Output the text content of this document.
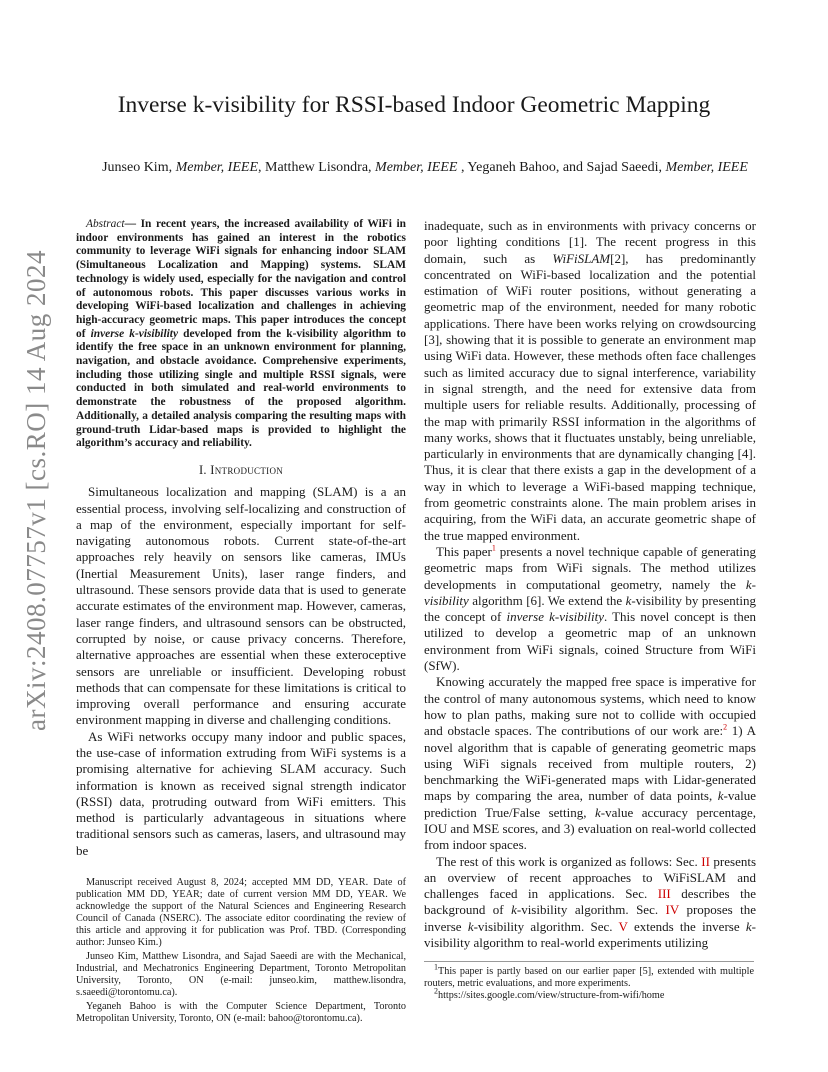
arXiv:2408.07757v1 [cs.RO] 14 Aug 2024
Inverse k-visibility for RSSI-based Indoor Geometric Mapping
Junseo Kim, Member, IEEE, Matthew Lisondra, Member, IEEE , Yeganeh Bahoo, and Sajad Saeedi, Member, IEEE

Abstract— In recent years, the increased availability of WiFi in indoor environments has gained an interest in the robotics community to leverage WiFi signals for enhancing indoor SLAM (Simultaneous Localization and Mapping) systems. SLAM technology is widely used, especially for the navigation and control of autonomous robots. This paper discusses various works in developing WiFi-based localization and challenges in achieving high-accuracy geometric maps. This paper introduces the concept of inverse k-visibility developed from the k-visibility algorithm to identify the free space in an unknown environment for planning, navigation, and obstacle avoidance. Comprehensive experiments, including those utilizing single and multiple RSSI signals, were conducted in both simulated and real-world environments to demonstrate the robustness of the proposed algorithm. Additionally, a detailed analysis comparing the resulting maps with ground-truth Lidar-based maps is provided to highlight the algorithm’s accuracy and reliability.

I. Introduction

Simultaneous localization and mapping (SLAM) is a an essential process, involving self-localizing and construction of a map of the environment, especially important for self-navigating autonomous robots. Current state-of-the-art approaches rely heavily on sensors like cameras, IMUs (Inertial Measurement Units), laser range finders, and ultrasound. These sensors provide data that is used to generate accurate estimates of the environment map. However, cameras, laser range finders, and ultrasound sensors can be obstructed, corrupted by noise, or cause privacy concerns. Therefore, alternative approaches are essential when these exteroceptive sensors are unreliable or insufficient. Developing robust methods that can compensate for these limitations is critical to improving overall performance and ensuring accurate environment mapping in diverse and challenging conditions.

As WiFi networks occupy many indoor and public spaces, the use-case of information extruding from WiFi systems is a promising alternative for achieving SLAM accuracy. Such information is known as received signal strength indicator (RSSI) data, protruding outward from WiFi emitters. This method is particularly advantageous in situations where traditional sensors such as cameras, lasers, and ultrasound may be

Manuscript received August 8, 2024; accepted MM DD, YEAR. Date of publication MM DD, YEAR; date of current version MM DD, YEAR. We acknowledge the support of the Natural Sciences and Engineering Research Council of Canada (NSERC). The associate editor coordinating the review of this article and approving it for publication was Prof. TBD. (Corresponding author: Junseo Kim.)

Junseo Kim, Matthew Lisondra, and Sajad Saeedi are with the Mechanical, Industrial, and Mechatronics Engineering Department, Toronto Metropolitan University, Toronto, ON (e-mail: junseo.kim, matthew.lisondra, s.saeedi@torontomu.ca).

Yeganeh Bahoo is with the Computer Science Department, Toronto Metropolitan University, Toronto, ON (e-mail: bahoo@torontomu.ca).

inadequate, such as in environments with privacy concerns or poor lighting conditions [1]. The recent progress in this domain, such as WiFiSLAM[2], has predominantly concentrated on WiFi-based localization and the potential estimation of WiFi router positions, without generating a geometric map of the environment, needed for many robotic applications. There have been works relying on crowdsourcing [3], showing that it is possible to generate an environment map using WiFi data. However, these methods often face challenges such as limited accuracy due to signal interference, variability in signal strength, and the need for extensive data from multiple users for reliable results. Additionally, processing of the map with primarily RSSI information in the algorithms of many works, shows that it fluctuates unstably, being unreliable, particularly in environments that are dynamically changing [4]. Thus, it is clear that there exists a gap in the development of a way in which to leverage a WiFi-based mapping technique, from geometric constraints alone. The main problem arises in acquiring, from the WiFi data, an accurate geometric shape of the true mapped environment.

This paper$^1$ presents a novel technique capable of generating geometric maps from WiFi signals. The method utilizes developments in computational geometry, namely the k-visibility algorithm [6]. We extend the k-visibility by presenting the concept of inverse k-visibility. This novel concept is then utilized to develop a geometric map of an unknown environment from WiFi signals, coined Structure from WiFi (SfW).

Knowing accurately the mapped free space is imperative for the control of many autonomous systems, which need to know how to plan paths, making sure not to collide with occupied and obstacle spaces. The contributions of our work are:$^2$ 1) A novel algorithm that is capable of generating geometric maps using WiFi signals received from multiple routers, 2) benchmarking the WiFi-generated maps with Lidar-generated maps by comparing the area, number of data points, k-value prediction True/False setting, k-value accuracy percentage, IOU and MSE scores, and 3) evaluation on real-world collected from indoor spaces.

The rest of this work is organized as follows: Sec. II presents an overview of recent approaches to WiFiSLAM and challenges faced in applications. Sec. III describes the background of k-visibility algorithm. Sec. IV proposes the inverse k-visibility algorithm. Sec. V extends the inverse k-visibility algorithm to real-world experiments utilizing

$^1$This paper is partly based on our earlier paper [5], extended with multiple routers, metric evaluations, and more experiments.

$^2$https://sites.google.com/view/structure-from-wifi/home
